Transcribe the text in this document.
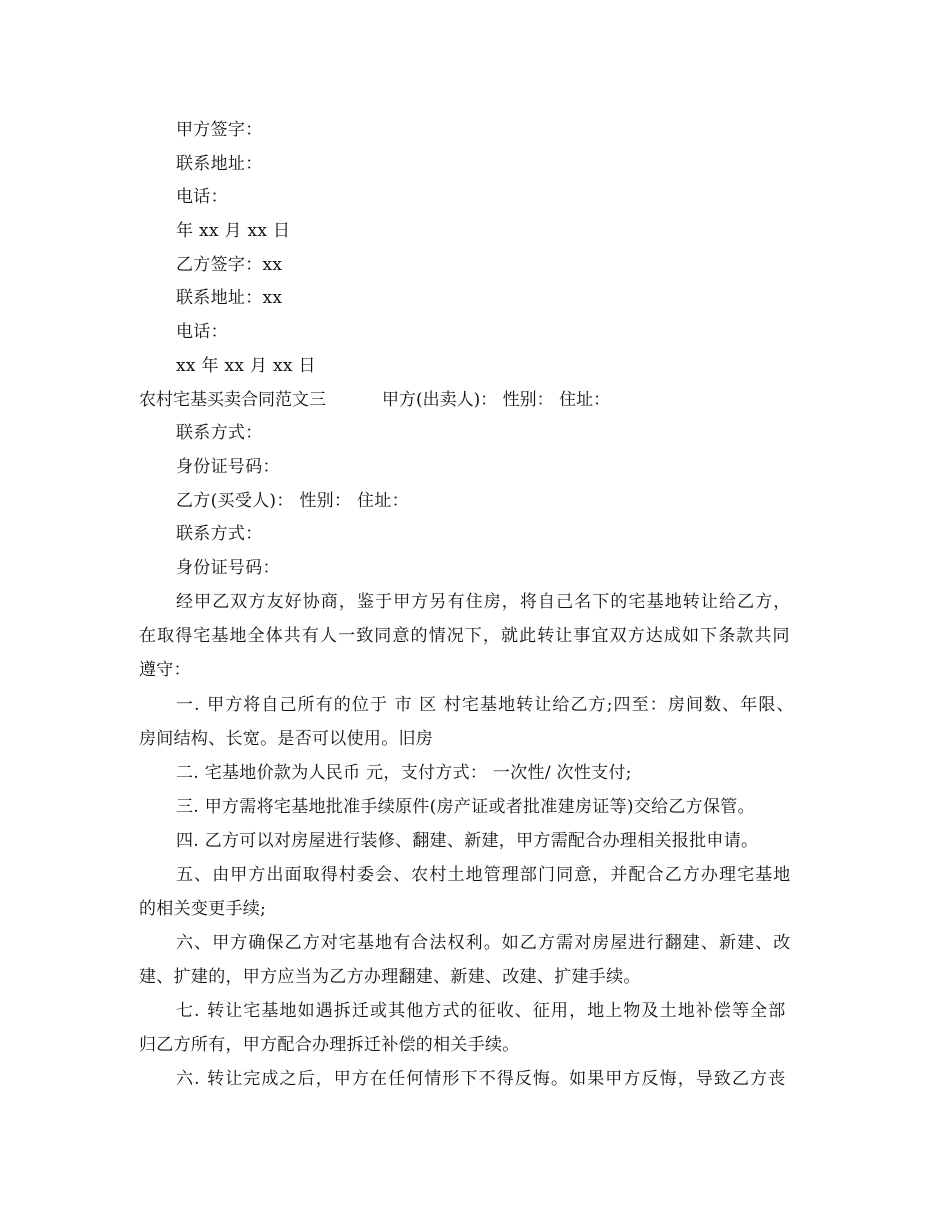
甲方签字：
联系地址：
电话：
年 xx 月 xx 日
乙方签字：xx
联系地址：xx
电话：
xx 年 xx 月 xx 日
农村宅基买卖合同范文三	甲方(出卖人)： 性别： 住址：
联系方式：
身份证号码：
乙方(买受人)： 性别： 住址：
联系方式：
身份证号码：
经甲乙双方友好协商，鉴于甲方另有住房，将自己名下的宅基地转让给乙方，
在取得宅基地全体共有人一致同意的情况下，就此转让事宜双方达成如下条款共同
遵守：
一. 甲方将自己所有的位于 市 区 村宅基地转让给乙方;四至：房间数、年限、
房间结构、长宽。是否可以使用。旧房
二. 宅基地价款为人民币 元，支付方式： 一次性/ 次性支付;
三. 甲方需将宅基地批准手续原件(房产证或者批准建房证等)交给乙方保管。
四. 乙方可以对房屋进行装修、翻建、新建，甲方需配合办理相关报批申请。
五、由甲方出面取得村委会、农村土地管理部门同意，并配合乙方办理宅基地
的相关变更手续;
六、甲方确保乙方对宅基地有合法权利。如乙方需对房屋进行翻建、新建、改
建、扩建的，甲方应当为乙方办理翻建、新建、改建、扩建手续。
七. 转让宅基地如遇拆迁或其他方式的征收、征用，地上物及土地补偿等全部
归乙方所有，甲方配合办理拆迁补偿的相关手续。
六. 转让完成之后，甲方在任何情形下不得反悔。如果甲方反悔，导致乙方丧
